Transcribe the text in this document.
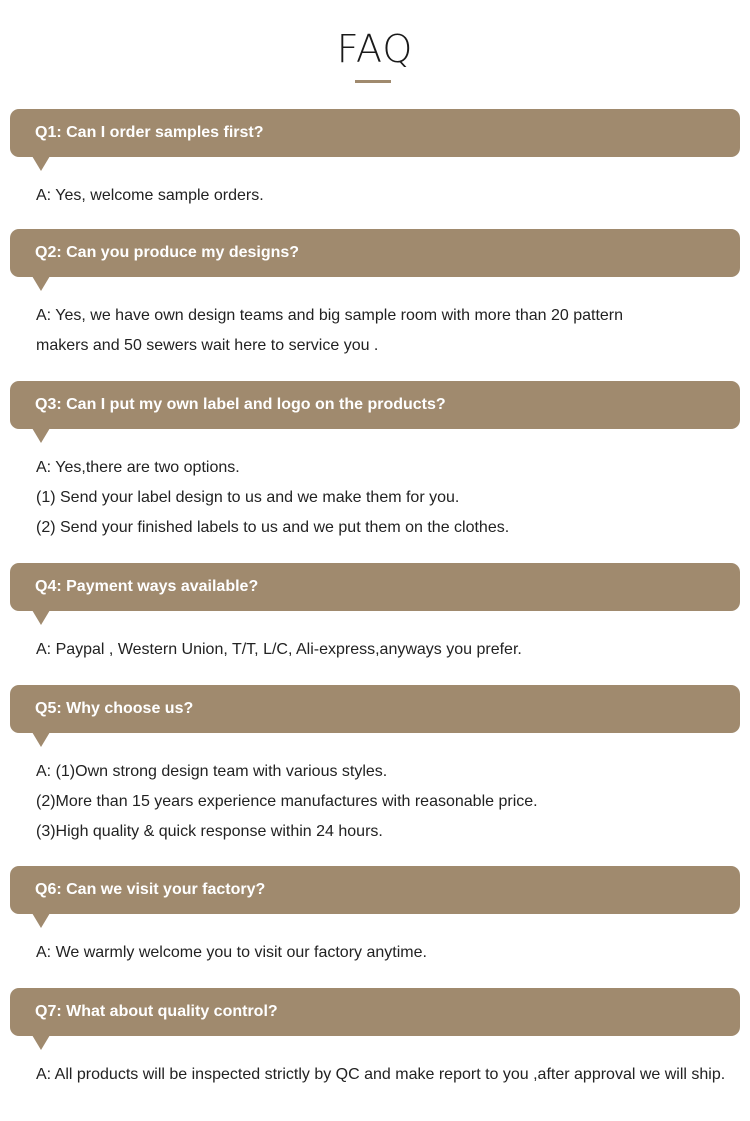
FAQ
Q1: Can I order samples first?
A: Yes, welcome sample orders.
Q2: Can you produce my designs?
A: Yes, we have own design teams and big sample room with more than 20 pattern
makers and 50 sewers wait here to service you .
Q3: Can I put my own label and logo on the products?
A: Yes,there are two options.
(1) Send your label design to us and we make them for you.
(2) Send your finished labels to us and we put them on the clothes.
Q4: Payment ways available?
A: Paypal , Western Union, T/T, L/C, Ali-express,anyways you prefer.
Q5: Why choose us?
A: (1)Own strong design team with various styles.
(2)More than 15 years experience manufactures with reasonable price.
(3)High quality & quick response within 24 hours.
Q6: Can we visit your factory?
A: We warmly welcome you to visit our factory anytime.
Q7: What about quality control?
A: All products will be inspected strictly by QC and make report to you ,after approval we will ship.
